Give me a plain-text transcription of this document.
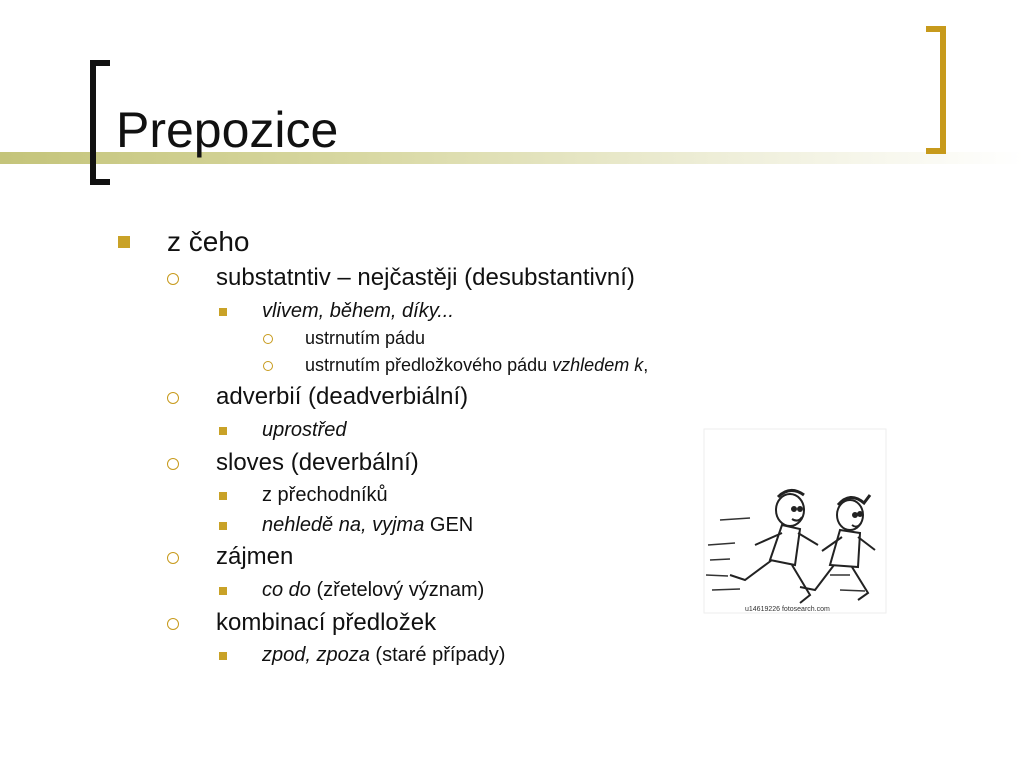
Prepozice
z čeho
substatntiv – nejčastěji (desubstantivní)
vlivem, během, díky...
ustrnutím pádu
ustrnutím předložkového pádu vzhledem k,
adverbií (deadverbiální)
uprostřed
sloves (deverbální)
z přechodníků
nehledě na, vyjma GEN
zájmen
co do (zřetelový význam)
kombinací předložek
zpod, zpoza (staré případy)
u14619226 fotosearch.com
